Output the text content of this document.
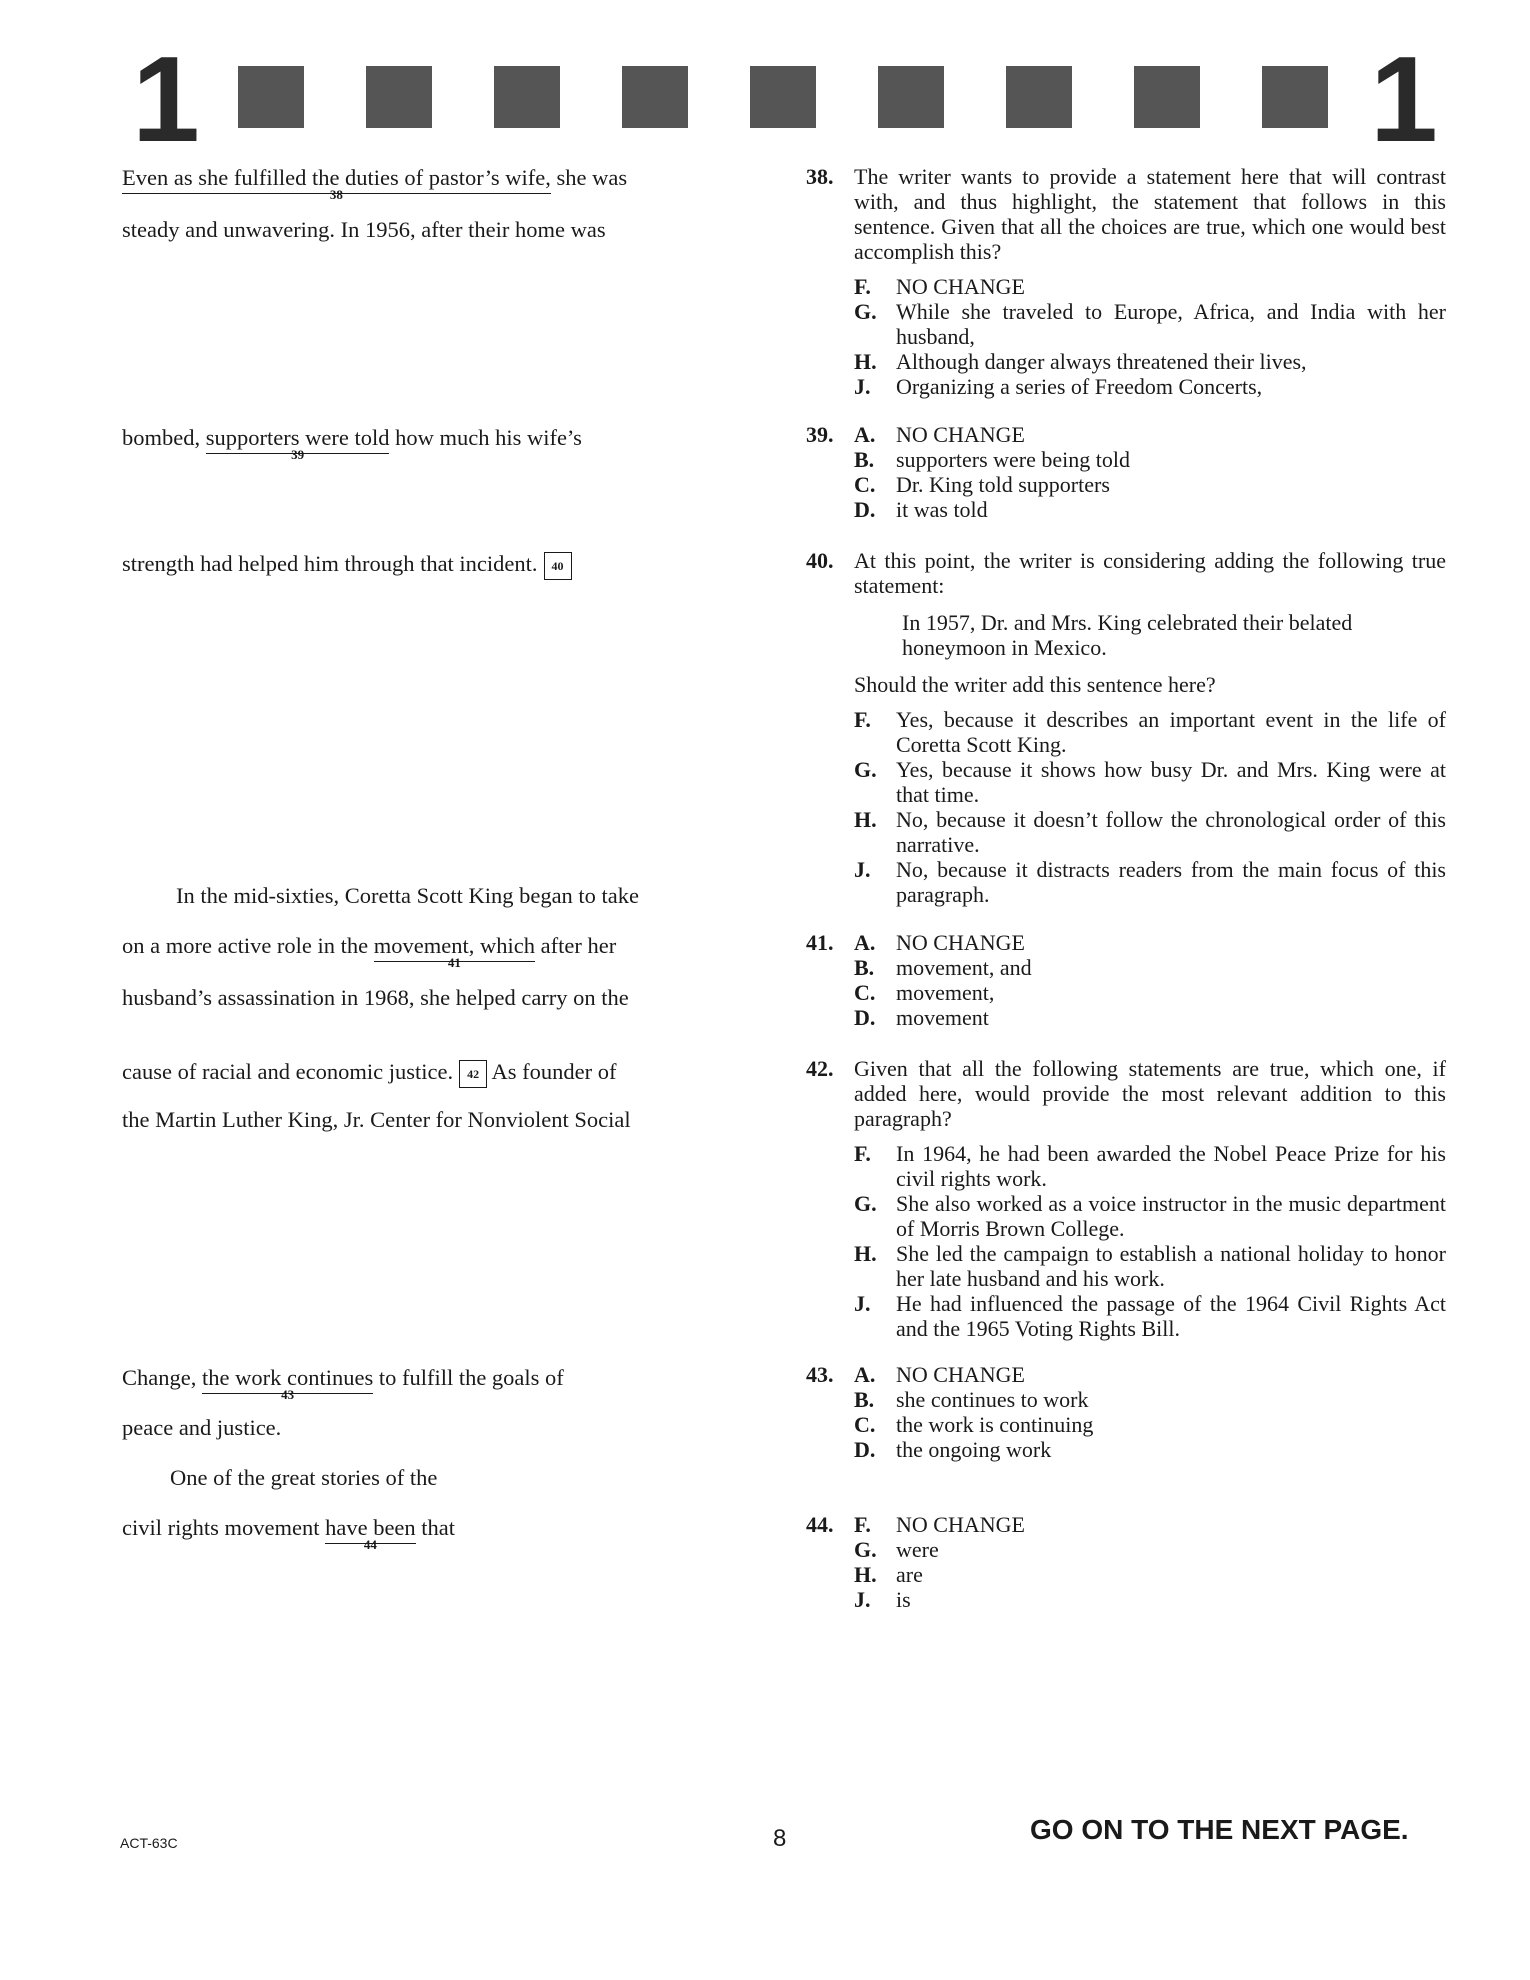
1	1
Even as she fulfilled the duties of pastor’s wife,
38
she was
steady and unwavering. In 1956, after their home was
bombed, supporters were told
39
how much his wife’s
strength had helped him through that incident. 40
In the mid-sixties, Coretta Scott King began to take
on a more active role in the movement, which
41
after her
husband’s assassination in 1968, she helped carry on the
cause of racial and economic justice. 42 As founder of
the Martin Luther King, Jr. Center for Nonviolent Social
Change, the work continues
43
to fulfill the goals of
peace and justice.
One of the great stories of the
civil rights movement have been
44
that
38. The writer wants to provide a statement here that will contrast with, and thus highlight, the statement that follows in this sentence. Given that all the choices are true, which one would best accomplish this?
F. NO CHANGE
G. While she traveled to Europe, Africa, and India with her husband,
H. Although danger always threatened their lives,
J. Organizing a series of Freedom Concerts,
39. A. NO CHANGE
B. supporters were being told
C. Dr. King told supporters
D. it was told
40. At this point, the writer is considering adding the following true statement:
In 1957, Dr. and Mrs. King celebrated their belated honeymoon in Mexico.
Should the writer add this sentence here?
F. Yes, because it describes an important event in the life of Coretta Scott King.
G. Yes, because it shows how busy Dr. and Mrs. King were at that time.
H. No, because it doesn’t follow the chronological order of this narrative.
J. No, because it distracts readers from the main focus of this paragraph.
41. A. NO CHANGE
B. movement, and
C. movement,
D. movement
42. Given that all the following statements are true, which one, if added here, would provide the most relevant addition to this paragraph?
F. In 1964, he had been awarded the Nobel Peace Prize for his civil rights work.
G. She also worked as a voice instructor in the music department of Morris Brown College.
H. She led the campaign to establish a national holiday to honor her late husband and his work.
J. He had influenced the passage of the 1964 Civil Rights Act and the 1965 Voting Rights Bill.
43. A. NO CHANGE
B. she continues to work
C. the work is continuing
D. the ongoing work
44. F. NO CHANGE
G. were
H. are
J. is
ACT-63C	8	GO ON TO THE NEXT PAGE.
